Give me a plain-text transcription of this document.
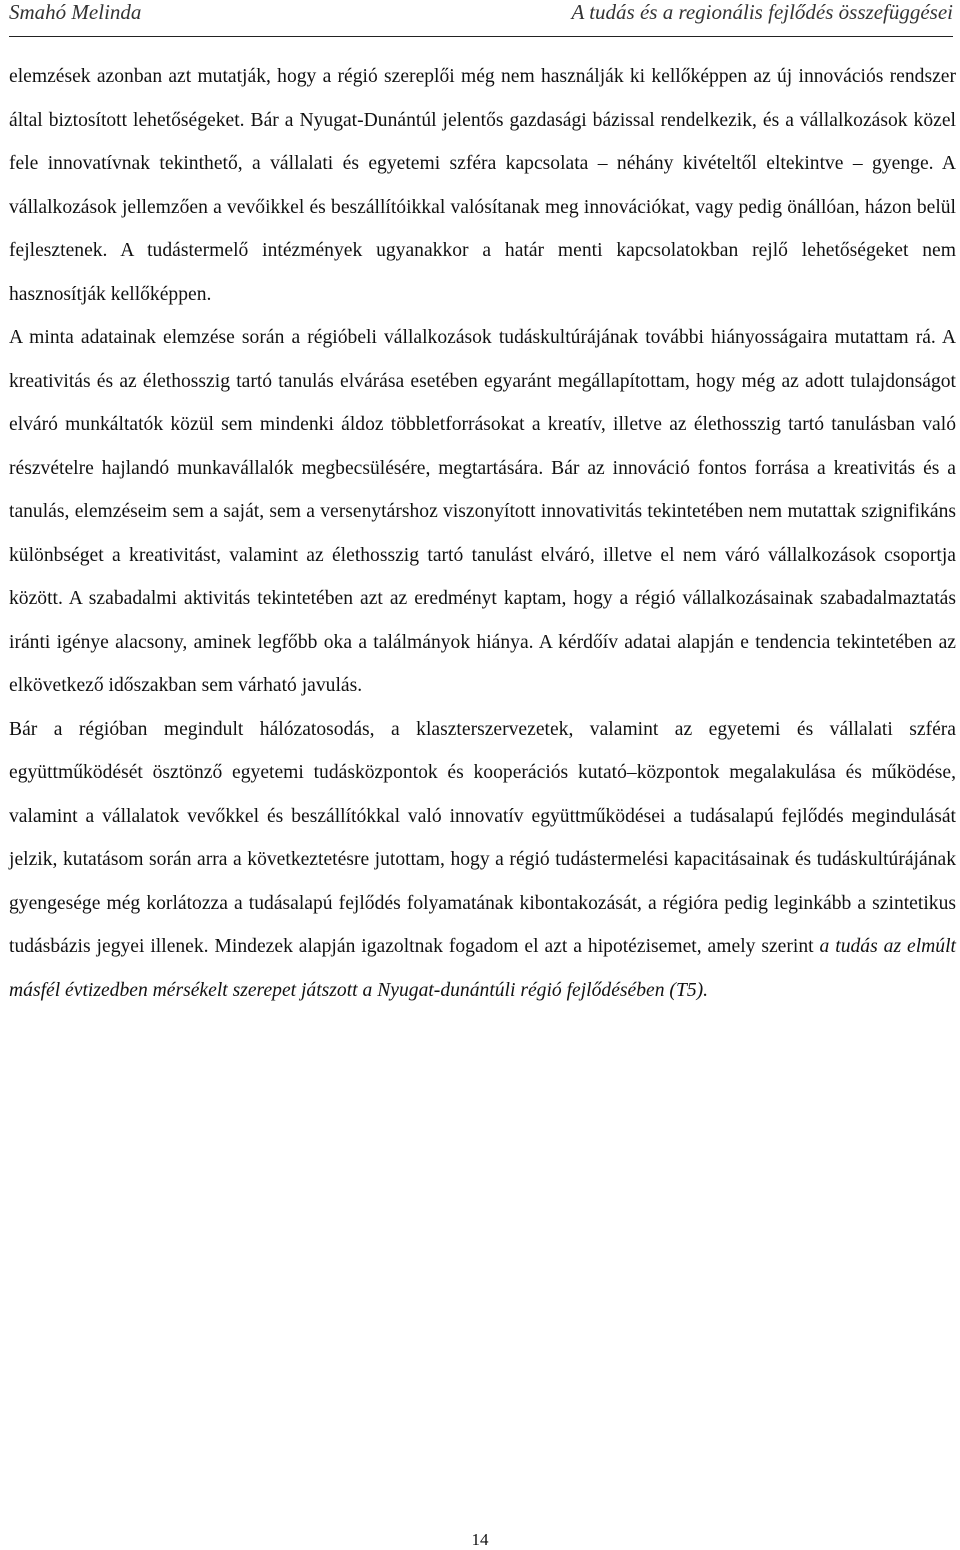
Smahó Melinda	A tudás és a regionális fejlődés összefüggései

elemzések azonban azt mutatják, hogy a régió szereplői még nem használják ki kellőképpen az új innovációs rendszer által biztosított lehetőségeket. Bár a Nyugat-Dunántúl jelentős gazdasági bázissal rendelkezik, és a vállalkozások közel fele innovatívnak tekinthető, a vállalati és egyetemi szféra kapcsolata – néhány kivételtől eltekintve – gyenge. A vállalkozások jellemzően a vevőikkel és beszállítóikkal valósítanak meg innovációkat, vagy pedig önállóan, házon belül fejlesztenek. A tudástermelő intézmények ugyanakkor a határ menti kapcsolatokban rejlő lehetőségeket nem hasznosítják kellőképpen.

A minta adatainak elemzése során a régióbeli vállalkozások tudáskultúrájának további hiányosságaira mutattam rá. A kreativitás és az élethosszig tartó tanulás elvárása esetében egyaránt megállapítottam, hogy még az adott tulajdonságot elváró munkáltatók közül sem mindenki áldoz többletforrásokat a kreatív, illetve az élethosszig tartó tanulásban való részvételre hajlandó munkavállalók megbecsülésére, megtartására. Bár az innováció fontos forrása a kreativitás és a tanulás, elemzéseim sem a saját, sem a versenytárshoz viszonyított innovativitás tekintetében nem mutattak szignifikáns különbséget a kreativitást, valamint az élethosszig tartó tanulást elváró, illetve el nem váró vállalkozások csoportja között. A szabadalmi aktivitás tekintetében azt az eredményt kaptam, hogy a régió vállalkozásainak szabadalmaztatás iránti igénye alacsony, aminek legfőbb oka a találmányok hiánya. A kérdőív adatai alapján e tendencia tekintetében az elkövetkező időszakban sem várható javulás.

Bár a régióban megindult hálózatosodás, a klaszterszervezetek, valamint az egyetemi és vállalati szféra együttműködését ösztönző egyetemi tudásközpontok és kooperációs kutató–központok megalakulása és működése, valamint a vállalatok vevőkkel és beszállítókkal való innovatív együttműködései a tudásalapú fejlődés megindulását jelzik, kutatásom során arra a következtetésre jutottam, hogy a régió tudástermelési kapacitásainak és tudáskultúrájának gyengesége még korlátozza a tudásalapú fejlődés folyamatának kibontakozását, a régióra pedig leginkább a szintetikus tudásbázis jegyei illenek. Mindezek alapján igazoltnak fogadom el azt a hipotézisemet, amely szerint a tudás az elmúlt másfél évtizedben mérsékelt szerepet játszott a Nyugat-dunántúli régió fejlődésében (T5).

14
